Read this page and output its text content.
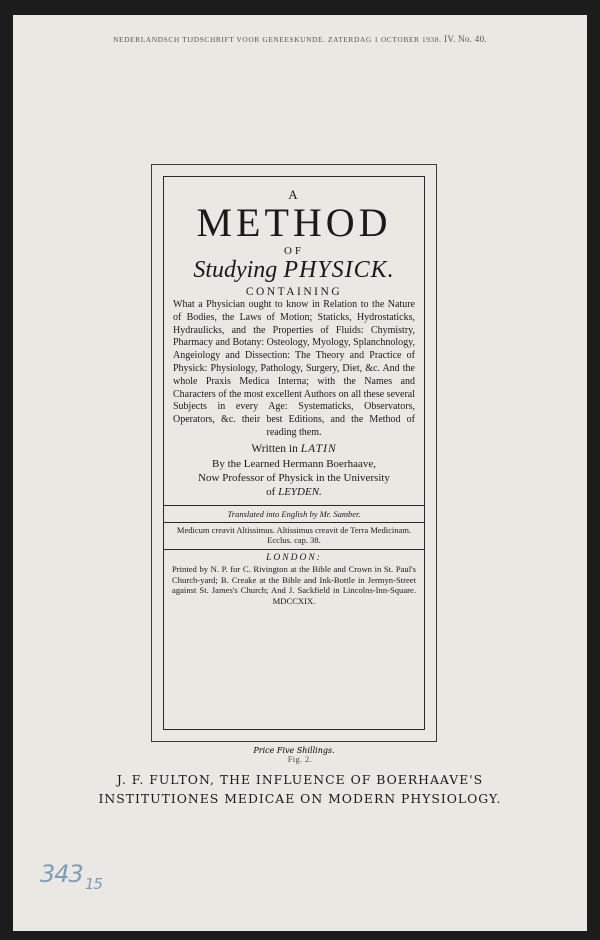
NEDERLANDSCH TIJDSCHRIFT VOOR GENEESKUNDE. ZATERDAG 1 OCTOBER 1938. IV. No. 40.
A
METHOD
OF
Studying PHYSICK.
CONTAINING
What a Physician ought to know in Relation to the Nature of Bodies, the Laws of Motion; Staticks, Hydrostaticks, Hydraulicks, and the Properties of Fluids: Chymistry, Pharmacy and Botany: Osteology, Myology, Splanchnology, Angeiology and Dissection: The Theory and Practice of Physick: Physiology, Pathology, Surgery, Diet, &c. And the whole Praxis Medica Interna; with the Names and Characters of the most excellent Authors on all these several Subjects in every Age: Systematicks, Observators, Operators, &c. their best Editions, and the Method of reading them.
Written in LATIN
By the Learned Hermann Boerhaave,
Now Professor of Physick in the University
of LEYDEN.
Translated into English by Mr. Samber.
Medicum creavit Altissimus. Altissimus creavit de Terra Medicinam. Ecclus. cap. 38.
LONDON:
Printed by N. P. for C. Rivington at the Bible and Crown in St. Paul's Church-yard; B. Creake at the Bible and Ink-Bottle in Jermyn-Street against St. James's Church; And J. Sackfield in Lincolns-Inn-Square. MDCCXIX.
Price Five Shillings.
Fig. 2.
J. F. FULTON, THE INFLUENCE OF BOERHAAVE'S
INSTITUTIONES MEDICAE ON MODERN PHYSIOLOGY.
343 $_{15}$
